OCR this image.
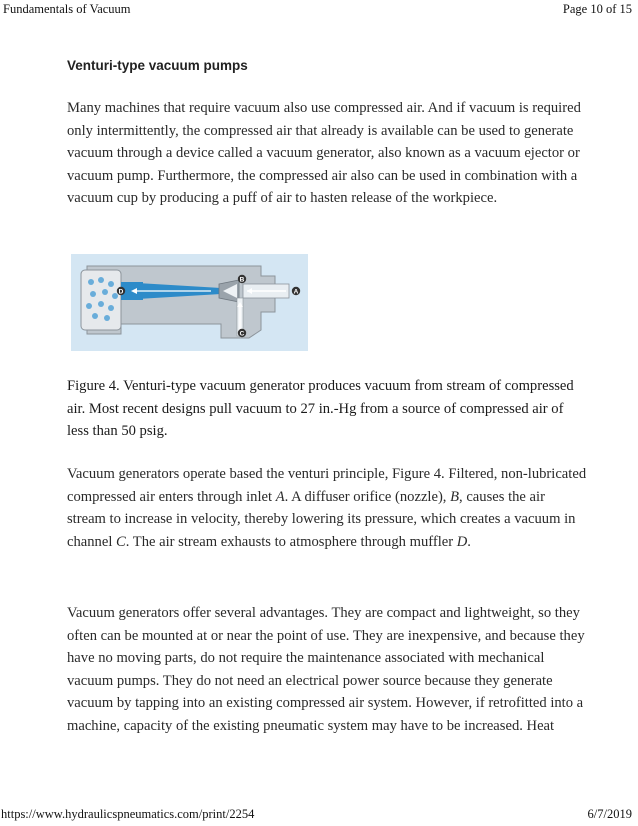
Fundamentals of Vacuum	Page 10 of 15
Venturi-type vacuum pumps

Many machines that require vacuum also use compressed air. And if vacuum is required only intermittently, the compressed air that already is available can be used to generate vacuum through a device called a vacuum generator, also known as a vacuum ejector or vacuum pump. Furthermore, the compressed air also can be used in combination with a vacuum cup by producing a puff of air to hasten release of the workpiece.

A
B
C
D

Figure 4. Venturi-type vacuum generator produces vacuum from stream of compressed air. Most recent designs pull vacuum to 27 in.-Hg from a source of compressed air of less than 50 psig.

Vacuum generators operate based the venturi principle, Figure 4. Filtered, non-lubricated compressed air enters through inlet A. A diffuser orifice (nozzle), B, causes the air stream to increase in velocity, thereby lowering its pressure, which creates a vacuum in channel C. The air stream exhausts to atmosphere through muffler D.

Vacuum generators offer several advantages. They are compact and lightweight, so they often can be mounted at or near the point of use. They are inexpensive, and because they have no moving parts, do not require the maintenance associated with mechanical vacuum pumps. They do not need an electrical power source because they generate vacuum by tapping into an existing compressed air system. However, if retrofitted into a machine, capacity of the existing pneumatic system may have to be increased. Heat

https://www.hydraulicspneumatics.com/print/2254	6/7/2019
